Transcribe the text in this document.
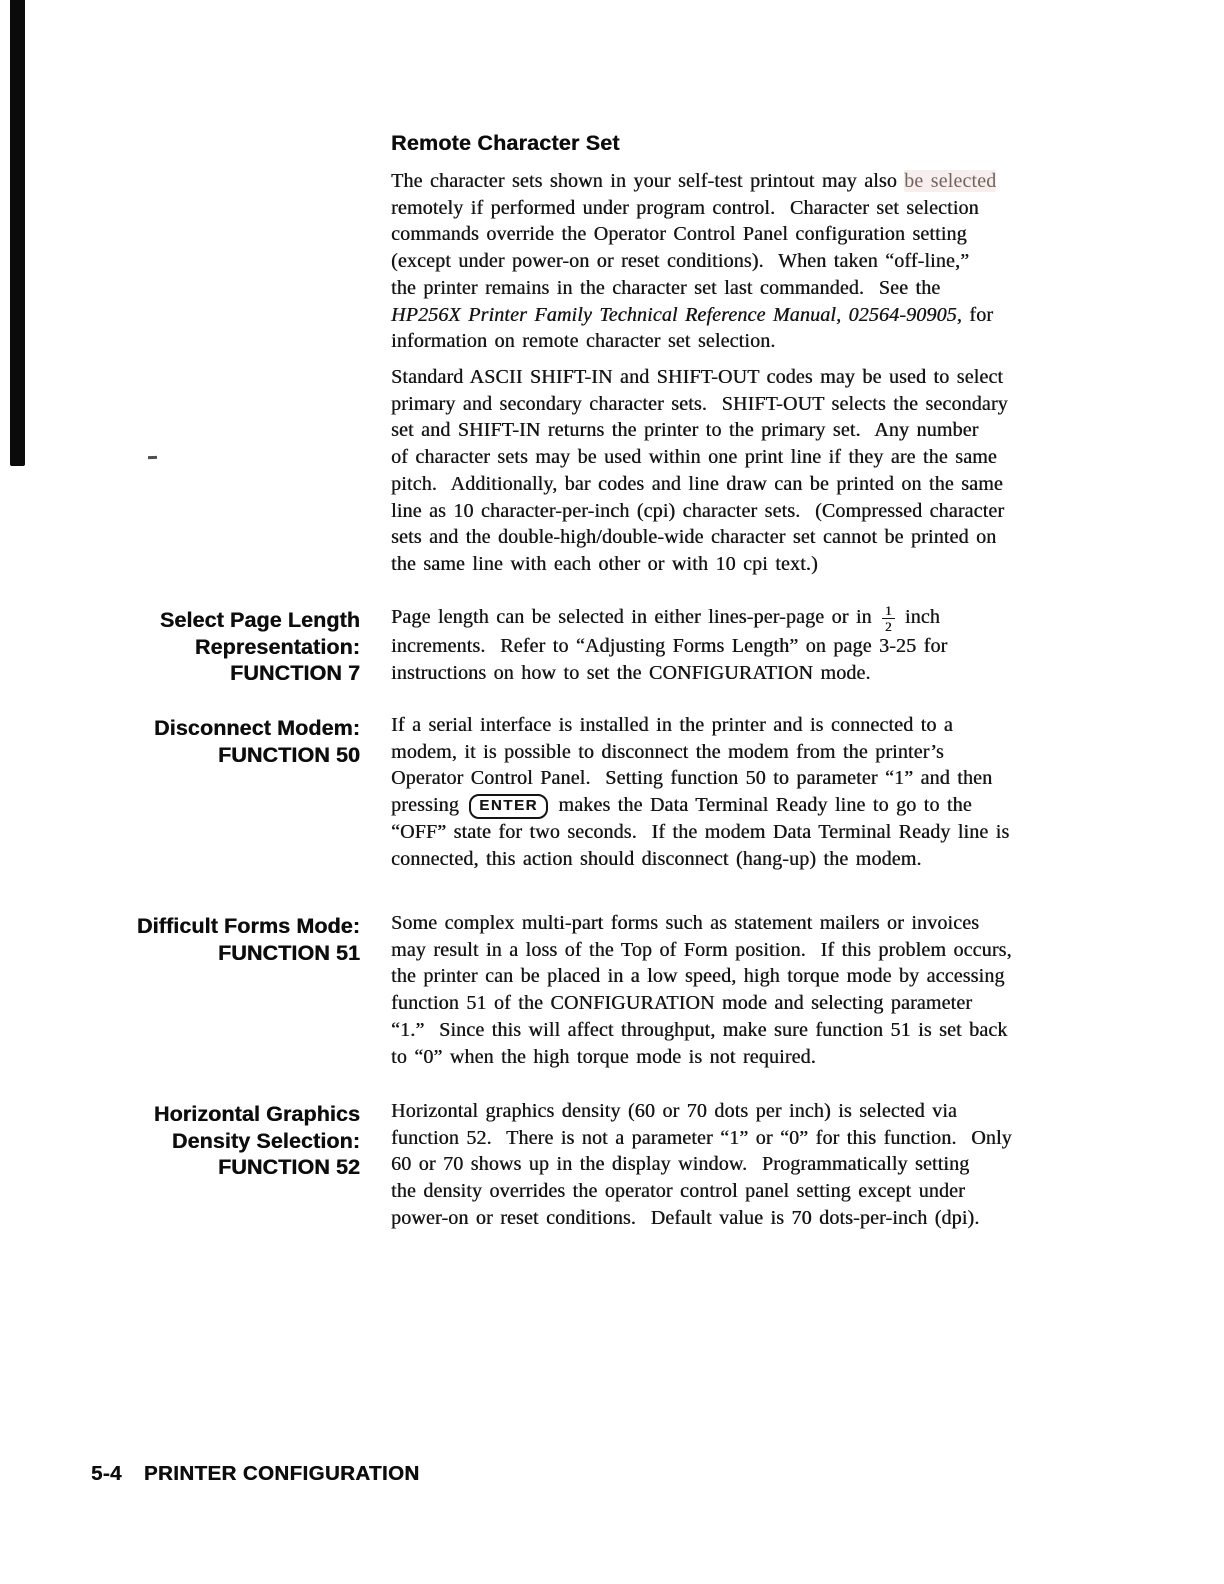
Remote Character Set
The character sets shown in your self-test printout may also be selected
remotely if performed under program control.  Character set selection
commands override the Operator Control Panel configuration setting
(except under power-on or reset conditions).  When taken “off-line,”
the printer remains in the character set last commanded.  See the
HP256X Printer Family Technical Reference Manual, 02564-90905, for
information on remote character set selection.
Standard ASCII SHIFT-IN and SHIFT-OUT codes may be used to select
primary and secondary character sets.  SHIFT-OUT selects the secondary
set and SHIFT-IN returns the printer to the primary set.  Any number
of character sets may be used within one print line if they are the same
pitch.  Additionally, bar codes and line draw can be printed on the same
line as 10 character-per-inch (cpi) character sets.  (Compressed character
sets and the double-high/double-wide character set cannot be printed on
the same line with each other or with 10 cpi text.)
Select Page Length
Representation:
FUNCTION 7
Page length can be selected in either lines-per-page or in $\frac{1}{2}$ inch
increments.  Refer to “Adjusting Forms Length” on page 3-25 for
instructions on how to set the CONFIGURATION mode.
Disconnect Modem:
FUNCTION 50
If a serial interface is installed in the printer and is connected to a
modem, it is possible to disconnect the modem from the printer’s
Operator Control Panel.  Setting function 50 to parameter “1” and then
pressing ENTER makes the Data Terminal Ready line to go to the
“OFF” state for two seconds.  If the modem Data Terminal Ready line is
connected, this action should disconnect (hang-up) the modem.
Difficult Forms Mode:
FUNCTION 51
Some complex multi-part forms such as statement mailers or invoices
may result in a loss of the Top of Form position.  If this problem occurs,
the printer can be placed in a low speed, high torque mode by accessing
function 51 of the CONFIGURATION mode and selecting parameter
“1.”  Since this will affect throughput, make sure function 51 is set back
to “0” when the high torque mode is not required.
Horizontal Graphics
Density Selection:
FUNCTION 52
Horizontal graphics density (60 or 70 dots per inch) is selected via
function 52.  There is not a parameter “1” or “0” for this function.  Only
60 or 70 shows up in the display window.  Programmatically setting
the density overrides the operator control panel setting except under
power-on or reset conditions.  Default value is 70 dots-per-inch (dpi).
5-4 PRINTER CONFIGURATION
